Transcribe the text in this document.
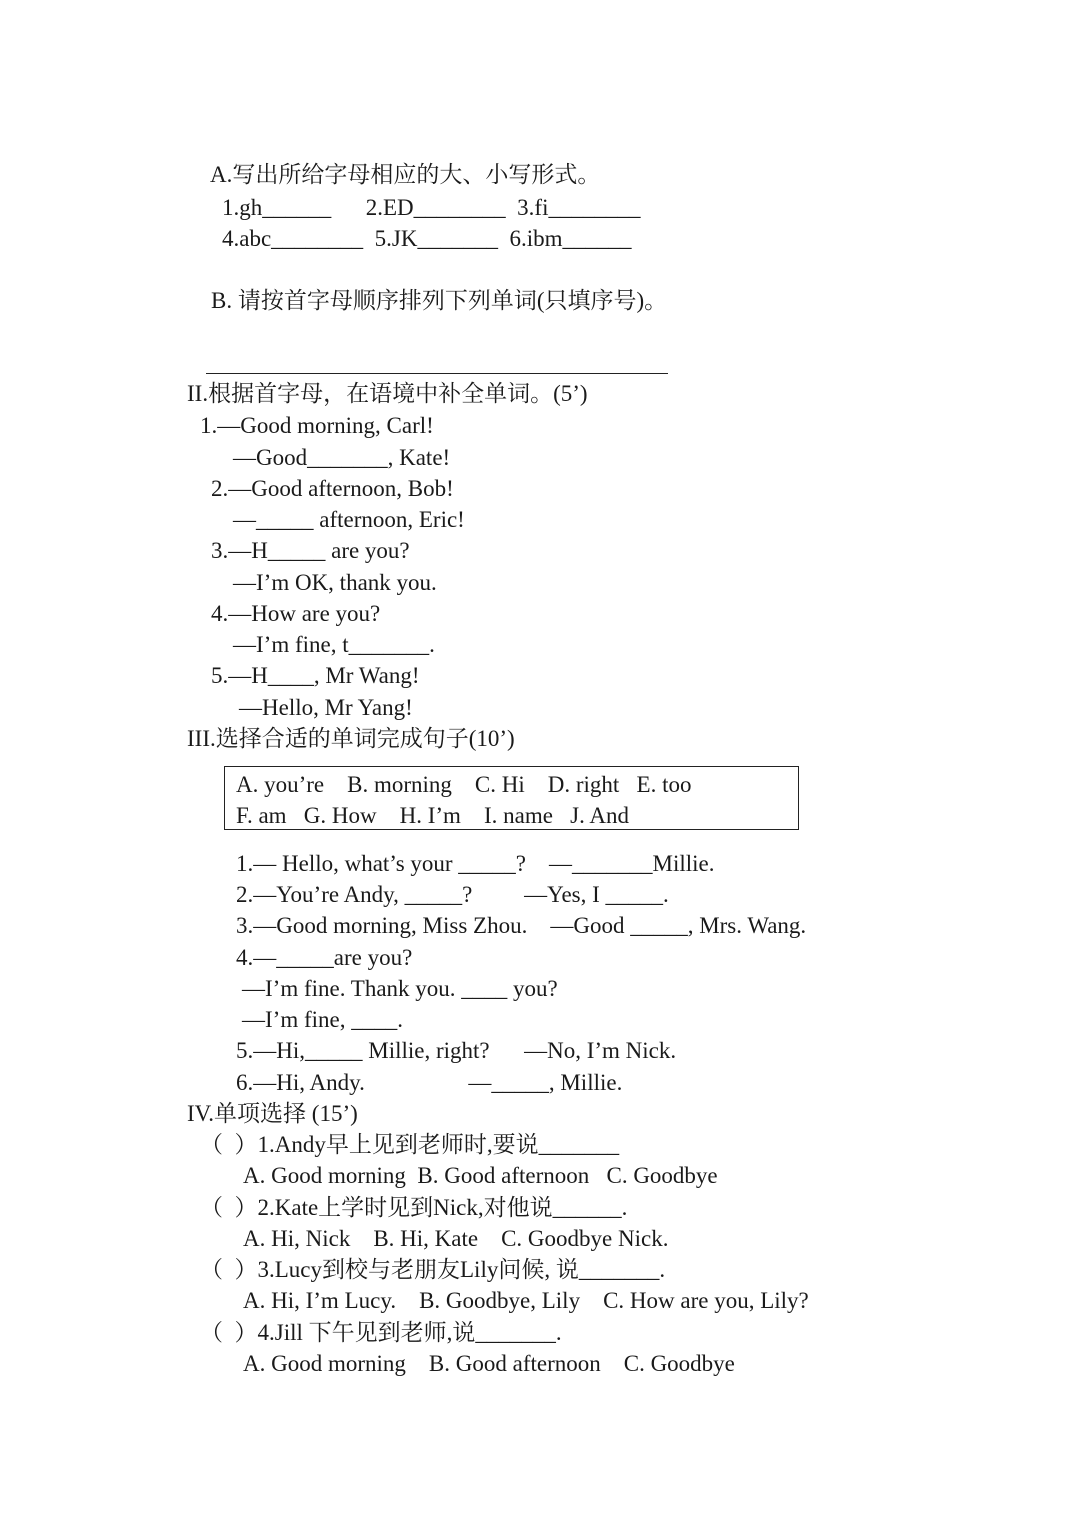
A.写出所给字母相应的大、小写形式。
1.gh______      2.ED________  3.fi________
4.abc________  5.JK_______  6.ibm______
B. 请按首字母顺序排列下列单词(只填序号)。
II.根据首字母，在语境中补全单词。(5’)
1.—Good morning, Carl!
—Good_______, Kate!
2.—Good afternoon, Bob!
—_____ afternoon, Eric!
3.—H_____ are you?
—I’m OK, thank you.
4.—How are you?
—I’m fine, t_______.
5.—H____, Mr Wang!
—Hello, Mr Yang!
III.选择合适的单词完成句子(10’)
A. you’re    B. morning    C. Hi    D. right   E. too
F. am   G. How    H. I’m    I. name   J. And
1.— Hello, what’s your _____?    —_______Millie.
2.—You’re Andy, _____?         —Yes, I _____.
3.—Good morning, Miss Zhou.    —Good _____, Mrs. Wang.
4.—_____are you?
—I’m fine. Thank you. ____ you?
—I’m fine, ____.
5.—Hi,_____ Millie, right?      —No, I’m Nick.
6.—Hi, Andy.                  —_____, Millie.
IV.单项选择 (15’)
（  ）1.Andy早上见到老师时,要说_______
A. Good morning  B. Good afternoon   C. Goodbye
（  ）2.Kate上学时见到Nick,对他说______.
A. Hi, Nick    B. Hi, Kate    C. Goodbye Nick.
（  ）3.Lucy到校与老朋友Lily问候, 说_______.
A. Hi, I’m Lucy.    B. Goodbye, Lily    C. How are you, Lily?
（  ）4.Jill 下午见到老师,说_______.
A. Good morning    B. Good afternoon    C. Goodbye
